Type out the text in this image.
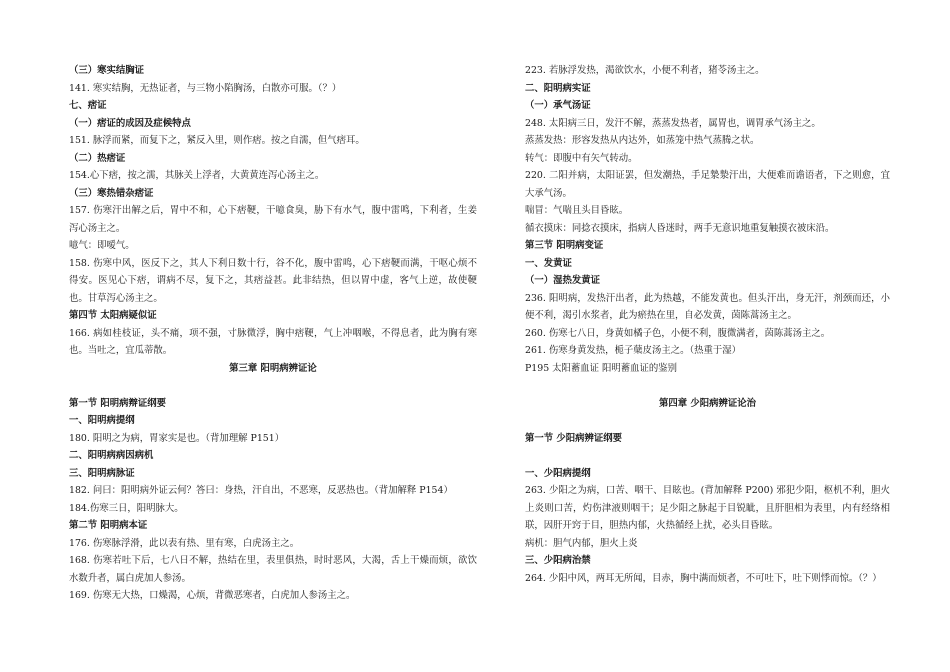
（三）寒实结胸证

141. 寒实结胸，无热证者，与三物小陷胸汤，白散亦可服。（？）

七、痞证

（一）痞证的成因及症候特点

151. 脉浮而紧，而复下之，紧反入里，则作痞。按之自濡，但气痞耳。

（二）热痞证

154.心下痞，按之濡，其脉关上浮者，大黄黄连泻心汤主之。

（三）寒热错杂痞证

157. 伤寒汗出解之后，胃中不和，心下痞鞕，干噫食臭，胁下有水气，腹中雷鸣，下利者，生姜泻心汤主之。

噫气：即嗳气。

158. 伤寒中风，医反下之，其人下利日数十行，谷不化，腹中雷鸣，心下痞鞕而满，干呕心烦不得安。医见心下痞，谓病不尽，复下之，其痞益甚。此非结热，但以胃中虚，客气上逆，故使鞕也。甘草泻心汤主之。

第四节 太阳病疑似证

166. 病如桂枝证，头不痛，项不强，寸脉微浮，胸中痞鞕，气上冲咽喉，不得息者，此为胸有寒也。当吐之，宜瓜蒂散。

第三章 阳明病辨证论

第一节 阳明病辩证纲要

一、阳明病提纲

180. 阳明之为病，胃家实是也。（背加理解 P151）

二、阳明病病因病机

三、阳明病脉证

182. 问曰：阳明病外证云何？答曰：身热，汗自出，不恶寒，反恶热也。（背加解释 P154）

184.伤寒三日，阳明脉大。

第二节 阳明病本证

176. 伤寒脉浮滑，此以表有热、里有寒，白虎汤主之。

168. 伤寒若吐下后，七八日不解，热结在里，表里俱热，时时恶风，大渴，舌上干燥而烦，欲饮水数升者，属白虎加人参汤。

169. 伤寒无大热，口燥渴，心烦，背微恶寒者，白虎加人参汤主之。

223. 若脉浮发热，渴欲饮水，小便不利者，猪苓汤主之。

二、阳明病实证

（一）承气汤证

248. 太阳病三日，发汗不解，蒸蒸发热者，属胃也，调胃承气汤主之。

蒸蒸发热：形容发热从内达外，如蒸笼中热气蒸腾之状。

转气：即腹中有矢气转动。

220. 二阳并病，太阳证罢，但发潮热，手足漐漐汗出，大便难而谵语者，下之则愈，宜大承气汤。

喘冒：气喘且头目昏眩。

循衣摸床：同捻衣摸床，指病人昏迷时，两手无意识地重复触摸衣被床沿。

第三节 阳明病变证

一、发黄证

（一）湿热发黄证

236. 阳明病，发热汗出者，此为热越，不能发黄也。但头汗出，身无汗，剂颈而还，小便不利，渴引水浆者，此为瘀热在里，自必发黄，茵陈蒿汤主之。

260. 伤寒七八日，身黄如橘子色，小便不利，腹微满者，茵陈蒿汤主之。

261. 伤寒身黄发热，栀子蘖皮汤主之。（热重于湿）

P195 太阳蓄血证 阳明蓄血证的鉴别

第四章 少阳病辨证论治

第一节 少阳病辨证纲要

一、少阳病提纲

263. 少阳之为病，口苦、咽干、目眩也。(背加解释 P200) 邪犯少阳，枢机不利，胆火上炎则口苦，灼伤津液则咽干；足少阳之脉起于目锐眦，且肝胆相为表里，内有经络相联，因肝开窍于目，胆热内郁，火热循经上扰，必头目昏眩。

病机：胆气内郁，胆火上炎

三、少阳病治禁

264. 少阳中风，两耳无所闻，目赤，胸中满而烦者，不可吐下，吐下则悸而惊。（？）
